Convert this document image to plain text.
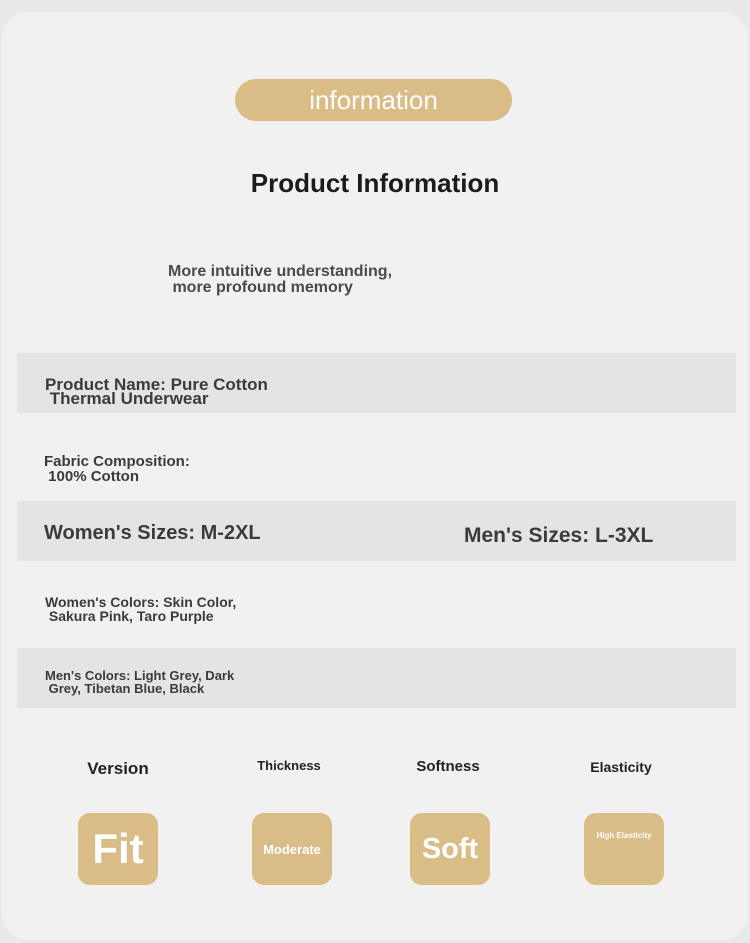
information
Product Information
More intuitive understanding,
more profound memory
Product Name: Pure Cotton
Thermal Underwear
Fabric Composition:
100% Cotton
Women's Sizes: M-2XL	Men's Sizes: L-3XL
Women's Colors: Skin Color,
Sakura Pink, Taro Purple
Men's Colors: Light Grey, Dark
Grey, Tibetan Blue, Black
Version	Thickness	Softness	Elasticity
Fit	Moderate	Soft	High Elasticity
